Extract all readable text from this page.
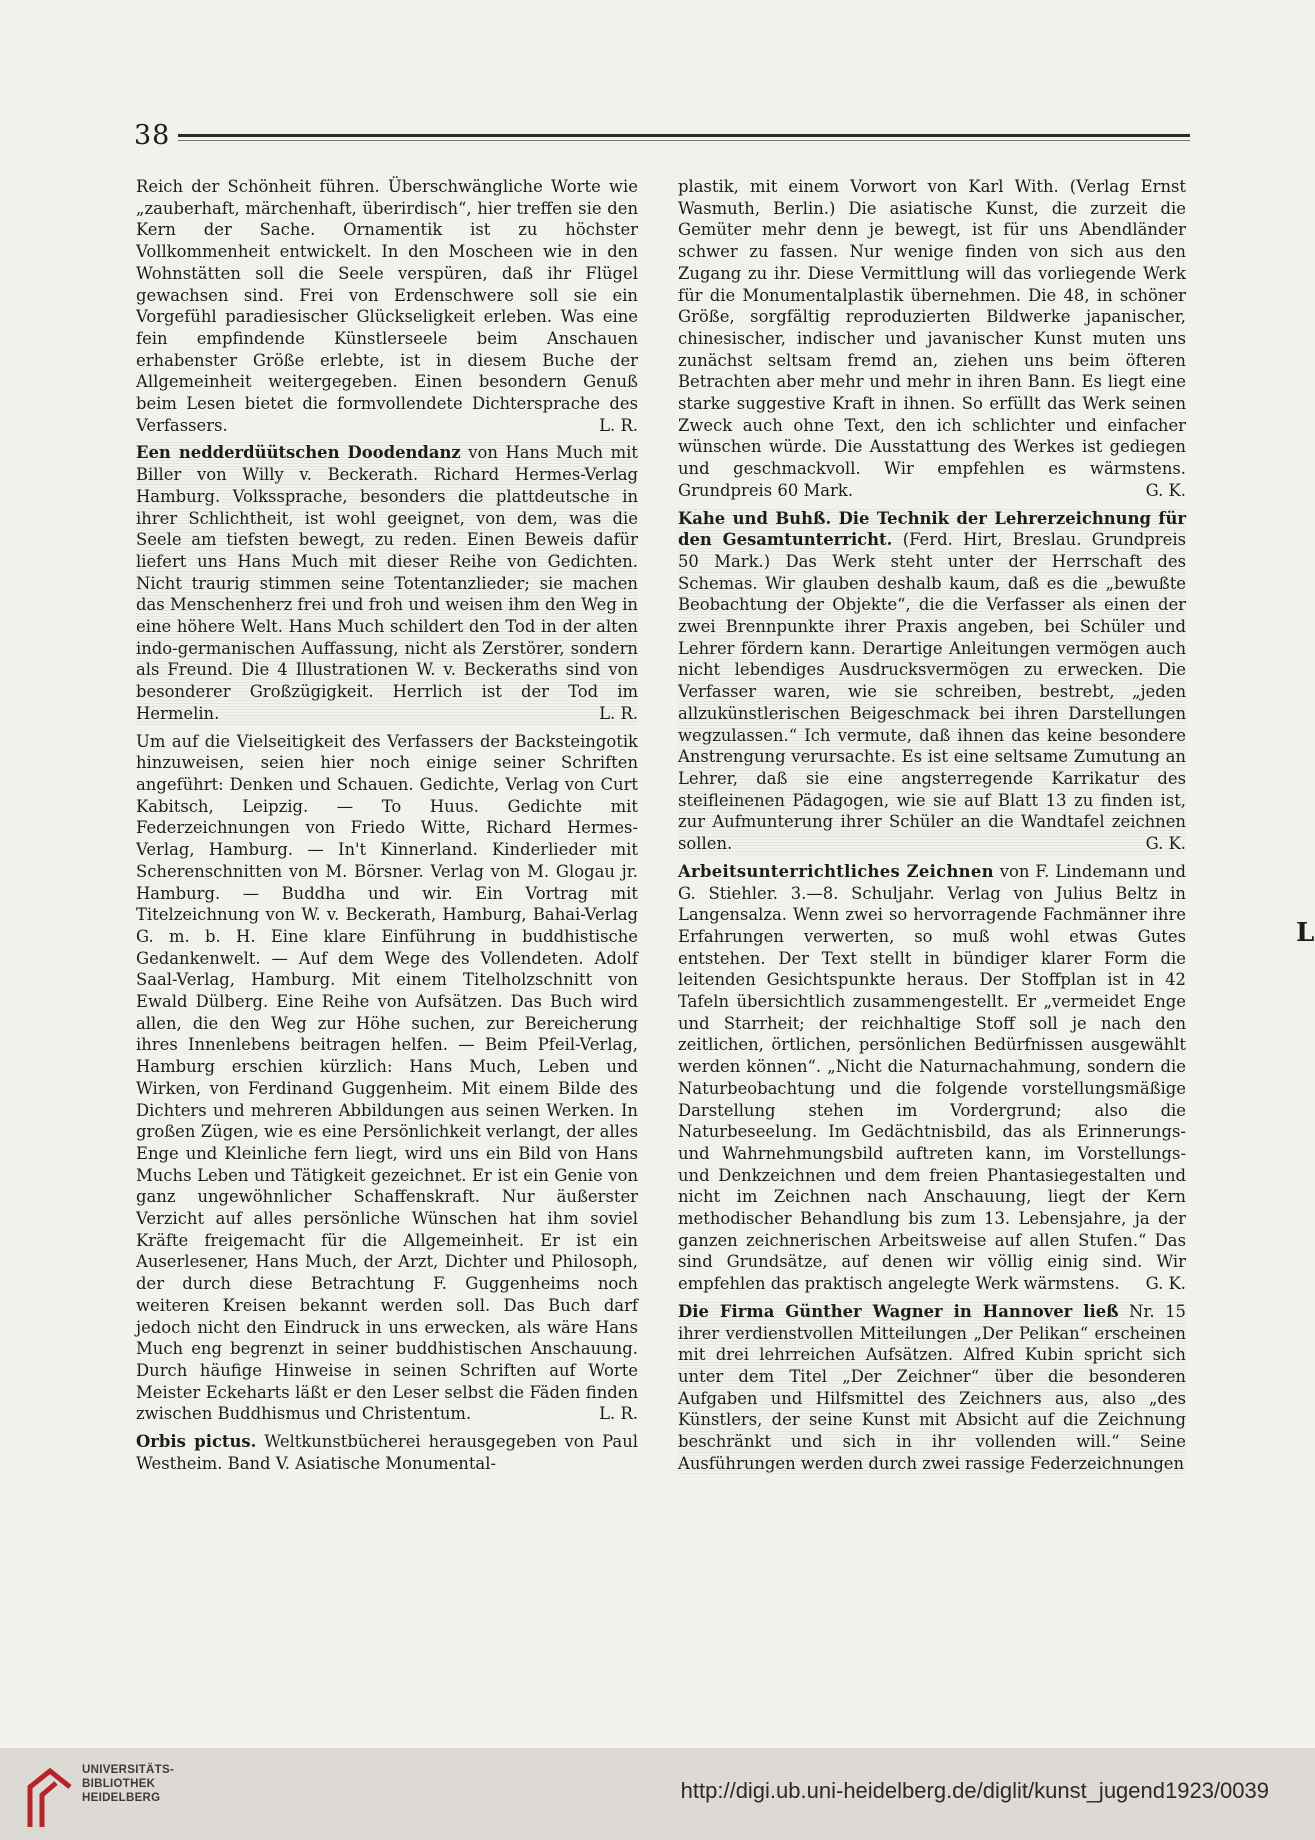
38

Reich der Schönheit führen. Überschwängliche Worte wie „zauberhaft, märchenhaft, überirdisch“, hier treffen sie den Kern der Sache. Ornamentik ist zu höchster Vollkommenheit entwickelt. In den Moscheen wie in den Wohnstätten soll die Seele verspüren, daß ihr Flügel gewachsen sind. Frei von Erdenschwere soll sie ein Vorgefühl paradiesischer Glückseligkeit erleben. Was eine fein empfindende Künstlerseele beim Anschauen erhabenster Größe erlebte, ist in diesem Buche der Allgemeinheit weitergegeben. Einen besondern Genuß beim Lesen bietet die formvollendete Dichtersprache des Verfassers.	L. R.

Een nedderdüütschen Doodendanz von Hans Much mit Biller von Willy v. Beckerath. Richard Hermes-Verlag Hamburg. Volkssprache, besonders die plattdeutsche in ihrer Schlichtheit, ist wohl geeignet, von dem, was die Seele am tiefsten bewegt, zu reden. Einen Beweis dafür liefert uns Hans Much mit dieser Reihe von Gedichten. Nicht traurig stimmen seine Totentanzlieder; sie machen das Menschenherz frei und froh und weisen ihm den Weg in eine höhere Welt. Hans Much schildert den Tod in der alten indo-germanischen Auffassung, nicht als Zerstörer, sondern als Freund. Die 4 Illustrationen W. v. Beckeraths sind von besonderer Großzügigkeit. Herrlich ist der Tod im Hermelin.	L. R.

Um auf die Vielseitigkeit des Verfassers der Backsteingotik hinzuweisen, seien hier noch einige seiner Schriften angeführt: Denken und Schauen. Gedichte, Verlag von Curt Kabitsch, Leipzig. — To Huus. Gedichte mit Federzeichnungen von Friedo Witte, Richard Hermes-Verlag, Hamburg. — In't Kinnerland. Kinderlieder mit Scherenschnitten von M. Börsner. Verlag von M. Glogau jr. Hamburg. — Buddha und wir. Ein Vortrag mit Titelzeichnung von W. v. Beckerath, Hamburg, Bahai-Verlag G. m. b. H. Eine klare Einführung in buddhistische Gedankenwelt. — Auf dem Wege des Vollendeten. Adolf Saal-Verlag, Hamburg. Mit einem Titelholzschnitt von Ewald Dülberg. Eine Reihe von Aufsätzen. Das Buch wird allen, die den Weg zur Höhe suchen, zur Bereicherung ihres Innenlebens beitragen helfen. — Beim Pfeil-Verlag, Hamburg erschien kürzlich: Hans Much, Leben und Wirken, von Ferdinand Guggenheim. Mit einem Bilde des Dichters und mehreren Abbildungen aus seinen Werken. In großen Zügen, wie es eine Persönlichkeit verlangt, der alles Enge und Kleinliche fern liegt, wird uns ein Bild von Hans Muchs Leben und Tätigkeit gezeichnet. Er ist ein Genie von ganz ungewöhnlicher Schaffenskraft. Nur äußerster Verzicht auf alles persönliche Wünschen hat ihm soviel Kräfte freigemacht für die Allgemeinheit. Er ist ein Auserlesener, Hans Much, der Arzt, Dichter und Philosoph, der durch diese Betrachtung F. Guggenheims noch weiteren Kreisen bekannt werden soll. Das Buch darf jedoch nicht den Eindruck in uns erwecken, als wäre Hans Much eng begrenzt in seiner buddhistischen Anschauung. Durch häufige Hinweise in seinen Schriften auf Worte Meister Eckeharts läßt er den Leser selbst die Fäden finden zwischen Buddhismus und Christentum.	L. R.

Orbis pictus. Weltkunstbücherei herausgegeben von Paul Westheim. Band V. Asiatische Monumental-

plastik, mit einem Vorwort von Karl With. (Verlag Ernst Wasmuth, Berlin.) Die asiatische Kunst, die zurzeit die Gemüter mehr denn je bewegt, ist für uns Abendländer schwer zu fassen. Nur wenige finden von sich aus den Zugang zu ihr. Diese Vermittlung will das vorliegende Werk für die Monumentalplastik übernehmen. Die 48, in schöner Größe, sorgfältig reproduzierten Bildwerke japanischer, chinesischer, indischer und javanischer Kunst muten uns zunächst seltsam fremd an, ziehen uns beim öfteren Betrachten aber mehr und mehr in ihren Bann. Es liegt eine starke suggestive Kraft in ihnen. So erfüllt das Werk seinen Zweck auch ohne Text, den ich schlichter und einfacher wünschen würde. Die Ausstattung des Werkes ist gediegen und geschmackvoll. Wir empfehlen es wärmstens. Grundpreis 60 Mark.	G. K.

Kahe und Buhß. Die Technik der Lehrerzeichnung für den Gesamtunterricht. (Ferd. Hirt, Breslau. Grundpreis 50 Mark.) Das Werk steht unter der Herrschaft des Schemas. Wir glauben deshalb kaum, daß es die „bewußte Beobachtung der Objekte“, die die Verfasser als einen der zwei Brennpunkte ihrer Praxis angeben, bei Schüler und Lehrer fördern kann. Derartige Anleitungen vermögen auch nicht lebendiges Ausdrucksvermögen zu erwecken. Die Verfasser waren, wie sie schreiben, bestrebt, „jeden allzukünstlerischen Beigeschmack bei ihren Darstellungen wegzulassen.“ Ich vermute, daß ihnen das keine besondere Anstrengung verursachte. Es ist eine seltsame Zumutung an Lehrer, daß sie eine angsterregende Karrikatur des steifleinenen Pädagogen, wie sie auf Blatt 13 zu finden ist, zur Aufmunterung ihrer Schüler an die Wandtafel zeichnen sollen.	G. K.

Arbeitsunterrichtliches Zeichnen von F. Lindemann und G. Stiehler. 3.—8. Schuljahr. Verlag von Julius Beltz in Langensalza. Wenn zwei so hervorragende Fachmänner ihre Erfahrungen verwerten, so muß wohl etwas Gutes entstehen. Der Text stellt in bündiger klarer Form die leitenden Gesichtspunkte heraus. Der Stoffplan ist in 42 Tafeln übersichtlich zusammengestellt. Er „vermeidet Enge und Starrheit; der reichhaltige Stoff soll je nach den zeitlichen, örtlichen, persönlichen Bedürfnissen ausgewählt werden können“. „Nicht die Naturnachahmung, sondern die Naturbeobachtung und die folgende vorstellungsmäßige Darstellung stehen im Vordergrund; also die Naturbeseelung. Im Gedächtnisbild, das als Erinnerungs- und Wahrnehmungsbild auftreten kann, im Vorstellungs- und Denkzeichnen und dem freien Phantasiegestalten und nicht im Zeichnen nach Anschauung, liegt der Kern methodischer Behandlung bis zum 13. Lebensjahre, ja der ganzen zeichnerischen Arbeitsweise auf allen Stufen.“ Das sind Grundsätze, auf denen wir völlig einig sind. Wir empfehlen das praktisch angelegte Werk wärmstens. G. K.

Die Firma Günther Wagner in Hannover ließ Nr. 15 ihrer verdienstvollen Mitteilungen „Der Pelikan“ erscheinen mit drei lehrreichen Aufsätzen. Alfred Kubin spricht sich unter dem Titel „Der Zeichner“ über die besonderen Aufgaben und Hilfsmittel des Zeichners aus, also „des Künstlers, der seine Kunst mit Absicht auf die Zeichnung beschränkt und sich in ihr vollenden will.“ Seine Ausführungen werden durch zwei rassige Federzeichnungen

L
UNIVERSITÄTS-
BIBLIOTHEK
HEIDELBERG	http://digi.ub.uni-heidelberg.de/diglit/kunst_jugend1923/0039
